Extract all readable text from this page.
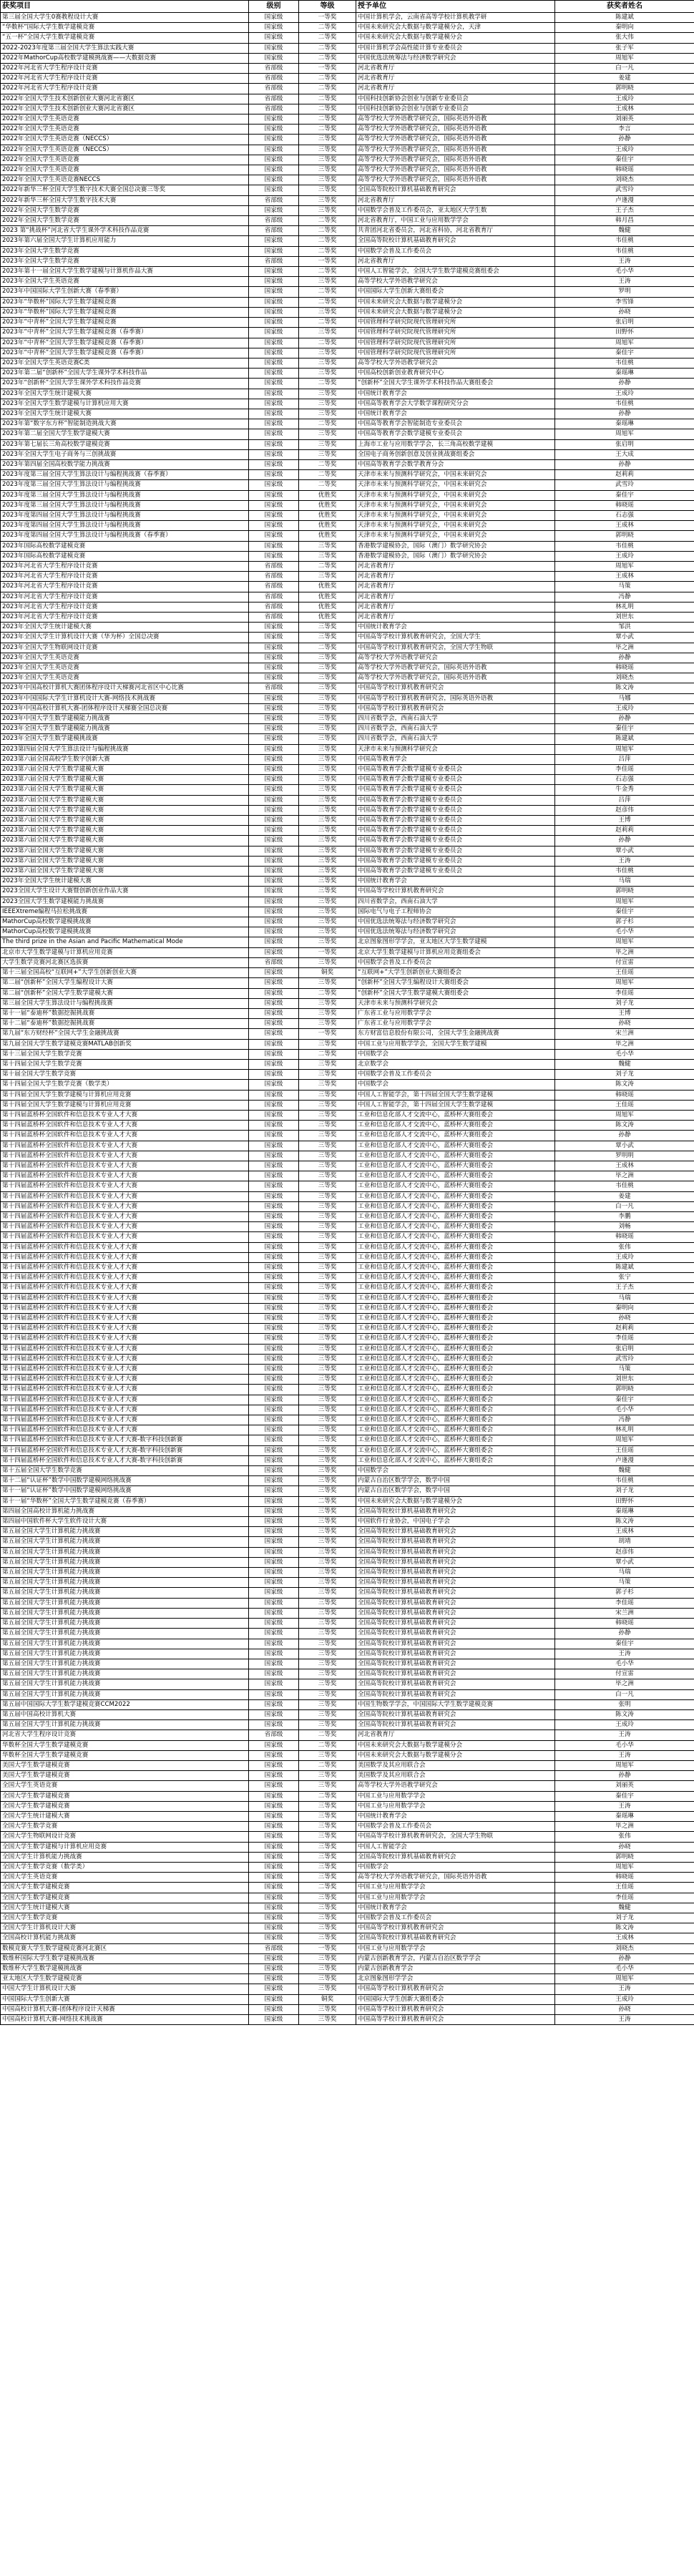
获奖项目	级别	等级	授予单位	获奖者姓名
第三届全国大学生0赛教程设计大赛	国家级	一等奖	中国计算机学会，云南省高等学校计算机教学研	陈建斌
“华数杯”国际大学生数学建模竞赛	国家级	二等奖	中国未来研究会大数据与数学建模分会，天津	秦明向
“五一杯”全国大学生数学建模竞赛	国家级	二等奖	中国未来研究会大数据与数学建模分会	张大伟
2022-2023年度第三届全国大学生算法实践大赛	国家级	二等奖	中国计算机学会高性能计算专业委员会	张子军
2022年MathorCup高校数学建模挑战赛——大数据竞赛	国家级	二等奖	中国优选法统筹法与经济数学研究会	周旭军
2022年河北省大学生程序设计竞赛	省部级	一等奖	河北省教育厅	白一凡
2022年河北省大学生程序设计竞赛	省部级	二等奖	河北省教育厅	姜建
2022年河北省大学生程序设计竞赛	省部级	二等奖	河北省教育厅	郭明晓
2022年全国大学生技术创新创业大赛河北省赛区	省部级	二等奖	中国科技创新协会创业与创新专业委员会	王成玲
2022年全国大学生技术创新创业大赛河北省赛区	省部级	二等奖	中国科技创新协会创业与创新专业委员会	王成林
2022年全国大学生英语竞赛	国家级	二等奖	高等学校大学外语教学研究会，国际英语外语教	刘丽英
2022年全国大学生英语竞赛	国家级	二等奖	高等学校大学外语教学研究会，国际英语外语教	李言
2022年全国大学生英语竞赛（NECCS）	国家级	三等奖	高等学校大学外语教学研究会，国际英语外语教	孙静
2022年全国大学生英语竞赛（NECCS）	国家级	三等奖	高等学校大学外语教学研究会，国际英语外语教	王成玲
2022年全国大学生英语竞赛	国家级	三等奖	高等学校大学外语教学研究会，国际英语外语教	秦佳宇
2022年全国大学生英语竞赛	国家级	三等奖	高等学校大学外语教学研究会，国际英语外语教	韩晓瑶
2022年全国大学生英语竞赛NECCS	国家级	三等奖	高等学校大学外语教学研究会，国际英语外语教	刘晓杰
2022年新华三杯全国大学生数字技术大赛全国总决赛三等奖	国家级	三等奖	全国高等院校计算机基础教育研究会	武雪玲
2022年新华三杯全国大学生数字技术大赛	省部级	三等奖	河北省教育厅	卢逢漫
2022年全国大学生数学竞赛	国家级	三等奖	中国数学会普及工作委员会，亚太地区大学生数	王子杰
2022年全国大学生数学竞赛	省部级	二等奖	河北省教育厅，中国工业与应用数学学会	韩月昌
2023 第“挑战杯”河北省大学生课外学术科技作品竞赛	省部级	二等奖	共青团河北省委员会，河北省科协，河北省教育厅	魏健
2023年第六届全国大学生计算机应用能力	国家级	二等奖	全国高等院校计算机基础教育研究会	韦佳桃
2023年全国大学生数学竞赛	国家级	二等奖	中国数学会普及工作委员会	韦佳桃
2023年全国大学生数学竞赛	省部级	一等奖	河北省教育厅	王涛
2023年第十一届全国大学生数学建模与计算机作品大赛	国家级	二等奖	中国人工智能学会，全国大学生数学建模竞赛组委会	毛小华
2023年全国大学生英语竞赛	国家级	三等奖	高等学校大学外语教学研究会	王涛
2023年中国国际大学生创新大赛（春季赛）	国家级	二等奖	中国国际大学生创新大赛组委会	罗明
2023年“华数杯”国际大学生数学建模竞赛	国家级	二等奖	中国未来研究会大数据与数学建模分会	李雪锋
2023年“华数杯”国际大学生数学建模竞赛	国家级	三等奖	中国未来研究会大数据与数学建模分会	孙晓
2023年“中青杯”全国大学生数学建模竞赛	国家级	二等奖	中国管理科学研究院现代管理研究所	张启明
2023年“中青杯”全国大学生数学建模竞赛（春季赛）	国家级	三等奖	中国管理科学研究院现代管理研究所	田野怀
2023年“中青杯”全国大学生数学建模竞赛（春季赛）	国家级	二等奖	中国管理科学研究院现代管理研究所	周旭军
2023年“中青杯”全国大学生数学建模竞赛（春季赛）	国家级	三等奖	中国管理科学研究院现代管理研究所	秦佳宇
2023年全国大学生英语竞赛C类	国家级	三等奖	高等学校大学外语教学研究会	韦佳桃
2023年第二届“创新杯”全国大学生课外学术科技作品	国家级	三等奖	中国高校创新创业教育研究中心	秦瑶琳
2023年“创新杯”全国大学生课外学术科技作品竞赛	国家级	二等奖	“创新杯”全国大学生课外学术科技作品大赛组委会	孙静
2023年全国大学生统计建模大赛	国家级	三等奖	中国统计教育学会	王成玲
2023年全国大学生数学建模与计算机应用大赛	国家级	三等奖	中国高等教育学会大学数学课程研究分会	韦佳桃
2023年全国大学生统计建模大赛	国家级	三等奖	中国统计教育学会	孙静
2023年第“数字东方杯”智能制造挑战大赛	国家级	二等奖	中国高等教育学会智能制造专业委员会	秦瑶琳
2023年第二届全国大学生数学建模大赛	国家级	三等奖	中国高等教育学会数学建模专业委员会	周旭军
2023年第七届长三角高校数学建模竞赛	国家级	三等奖	上海市工业与应用数学学会，长三角高校数学建模	张启明
2023年全国大学生电子商务与三创挑战赛	国家级	三等奖	全国电子商务创新创意及创业挑战赛组委会	王大成
2023年第四届全国高校数学能力挑战赛	国家级	二等奖	中国高等教育学会数学教育分会	孙静
2023年度第三届全国大学生算法设计与编程挑战赛（春季赛）	国家级	二等奖	天津市未来与预测科学研究会，中国未来研究会	赵莉莉
2023年度第三届全国大学生算法设计与编程挑战赛	国家级	二等奖	天津市未来与预测科学研究会，中国未来研究会	武雪玲
2023年度第三届全国大学生算法设计与编程挑战赛	国家级	优胜奖	天津市未来与预测科学研究会，中国未来研究会	秦佳宇
2023年度第三届全国大学生算法设计与编程挑战赛	国家级	优胜奖	天津市未来与预测科学研究会，中国未来研究会	韩晓瑶
2023年度第四届全国大学生算法设计与编程挑战赛	国家级	优胜奖	天津市未来与预测科学研究会，中国未来研究会	石志强
2023年度第四届全国大学生算法设计与编程挑战赛	国家级	优胜奖	天津市未来与预测科学研究会，中国未来研究会	王成林
2023年度第四届全国大学生算法设计与编程挑战赛（春季赛）	国家级	优胜奖	天津市未来与预测科学研究会，中国未来研究会	郭明晓
2023年国际高校数学建模竞赛	国家级	三等奖	香港数学建模协会，国际（澳门）数学研究协会	韦佳桃
2023年国际高校数学建模竞赛	国家级	三等奖	香港数学建模协会，国际（澳门）数学研究协会	王成玲
2023年河北省大学生程序设计竞赛	省部级	二等奖	河北省教育厅	周旭军
2023年河北省大学生程序设计竞赛	省部级	三等奖	河北省教育厅	王成林
2023年河北省大学生程序设计竞赛	省部级	优胜奖	河北省教育厅	马策
2023年河北省大学生程序设计竞赛	省部级	优胜奖	河北省教育厅	冯静
2023年河北省大学生程序设计竞赛	省部级	优胜奖	河北省教育厅	林礼明
2023年河北省大学生程序设计竞赛	省部级	优胜奖	河北省教育厅	刘世东
2023年全国大学生统计建模大赛	国家级	三等奖	中国统计教育学会	邹洪
2023年全国大学生计算机设计大赛（华为杯）全国总决赛	国家级	三等奖	中国高等学校计算机教育研究会，全国大学生	覃小武
2023年全国大学生物联网设计竞赛	国家级	二等奖	中国高等学校计算机教育研究会，全国大学生物联	毕之洲
2023年全国大学生英语竞赛	国家级	三等奖	高等学校大学外语教学研究会	孙静
2023年全国大学生英语竞赛	国家级	三等奖	高等学校大学外语教学研究会，国际英语外语教	韩晓瑶
2023年全国大学生英语竞赛	国家级	三等奖	高等学校大学外语教学研究会，国际英语外语教	刘晓杰
2023年中国高校计算机大赛团体程序设计天梯赛河北省区中心比赛	省部级	三等奖	中国高等学校计算机教育研究会	陈文涛
2023年中国国际大学生计算机设计大赛-网络技术挑战赛	国家级	三等奖	中国高等学校计算机教育研究会，国际英语外语教	马娜
2023年中国高校计算机大赛-团体程序设计天梯赛全国总决赛	国家级	三等奖	中国高等学校计算机教育研究会	王成玲
2023年中国大学生数学建模能力挑战赛	国家级	三等奖	四川省数学会，西南石油大学	孙静
2023年全国大学生数学建模能力挑战赛	国家级	三等奖	四川省数学会，西南石油大学	秦佳宇
2023年全国大学生数学建模挑战赛	国家级	三等奖	四川省数学会，西南石油大学	陈建斌
2023第四届全国大学生算法设计与编程挑战赛	国家级	三等奖	天津市未来与预测科学研究会	周旭军
2023第六届全国高校学生数字创新大赛	国家级	三等奖	中国高等教育学会	吕萍
2023第六届全国大学生数学建模大赛	国家级	三等奖	中国高等教育学会数学建模专业委员会	李佳瑶
2023第六届全国大学生数学建模大赛	国家级	三等奖	中国高等教育学会数学建模专业委员会	石志强
2023第六届全国大学生数学建模大赛	国家级	三等奖	中国高等教育学会数学建模专业委员会	牛金秀
2023第六届全国大学生数学建模大赛	国家级	三等奖	中国高等教育学会数学建模专业委员会	吕萍
2023第六届全国大学生数学建模大赛	国家级	三等奖	中国高等教育学会数学建模专业委员会	赵彦伟
2023第六届全国大学生数学建模大赛	国家级	三等奖	中国高等教育学会数学建模专业委员会	王博
2023第六届全国大学生数学建模大赛	国家级	三等奖	中国高等教育学会数学建模专业委员会	赵莉莉
2023第六届全国大学生数学建模大赛	国家级	三等奖	中国高等教育学会数学建模专业委员会	孙静
2023第六届全国大学生数学建模大赛	国家级	三等奖	中国高等教育学会数学建模专业委员会	覃小武
2023第六届全国大学生数学建模大赛	国家级	三等奖	中国高等教育学会数学建模专业委员会	王涛
2023第六届全国大学生数学建模大赛	国家级	三等奖	中国高等教育学会数学建模专业委员会	韦佳桃
2023年全国大学生统计建模大赛	国家级	三等奖	中国统计教育学会	马瑞
2023全国大学生设计大赛暨创新创业作品大赛	国家级	三等奖	中国高等学校计算机教育研究会	郭明晓
2023全国大学生数学建模能力挑战赛	国家级	三等奖	四川省数学会，西南石油大学	周旭军
IEEEXtreme编程马拉松挑战赛	国家级	三等奖	国际电气与电子工程师协会	秦佳宇
MathorCup高校数学建模挑战赛	国家级	三等奖	中国优选法统筹法与经济数学研究会	郭子杉
MathorCup高校数学建模挑战赛	国家级	三等奖	中国优选法统筹法与经济数学研究会	毛小华
The third prize in the Asian and Pacific Mathematical Mode	国家级	三等奖	北京图象图形学学会，亚太地区大学生数学建模	周旭军
北京市大学生数学建模与计算机应用竞赛	国家级	一等奖	北京大学生数学建模与计算机应用竞赛组委会	毕之洲
大学生数学竞赛河北赛区选拔赛	省部级	三等奖	中国数学会普及工作委员会	付宣雷
第十三届全国高校“互联网+”大学生创新创业大赛	国家级	铜奖	“互联网+”大学生创新创业大赛组委会	王佳瑶
第二届“创新杯”全国大学生编程设计大赛	国家级	三等奖	“创新杯”全国大学生编程设计大赛组委会	周旭军
第二届“创新杯”全国大学生数学建模大赛	国家级	二等奖	“创新杯”全国大学生数学建模大赛组委会	李佳瑶
第三届全国大学生算法设计与编程挑战赛	国家级	三等奖	天津市未来与预测科学研究会	刘子龙
第十一届“泰迪杯”数据挖掘挑战赛	国家级	三等奖	广东省工业与应用数学学会	王博
第十二届“泰迪杯”数据挖掘挑战赛	国家级	三等奖	广东省工业与应用数学学会	孙晓
第九届“东方财经杯”全国大学生金融挑战赛	国家级	一等奖	东方财富信息股份有限公司，全国大学生金融挑战赛	宋兰洲
第九届全国大学生数学建模竞赛MATLAB创新奖	国家级	三等奖	中国工业与应用数学学会，全国大学生数学建模	毕之洲
第十三届全国大学生数学竞赛	国家级	二等奖	中国数学会	毛小华
第十四届全国大学生数学竞赛	国家级	三等奖	北京数学会	魏健
第十届全国大学生数学竞赛	国家级	三等奖	中国数学会普及工作委员会	刘子龙
第十四届全国大学生数学竞赛（数学类）	国家级	三等奖	中国数学会	陈文涛
第十四届全国大学生数学建模与计算机应用竞赛	国家级	三等奖	中国人工智能学会，第十四届全国大学生数学建模	韩晓瑶
第十四届全国大学生数学建模与计算机应用竞赛	国家级	三等奖	中国人工智能学会，第十四届全国大学生数学建模	王佳瑶
第十四届蓝桥杯全国软件和信息技术专业人才大赛	国家级	三等奖	工业和信息化部人才交流中心，蓝桥杯大赛组委会	周旭军
第十四届蓝桥杯全国软件和信息技术专业人才大赛	国家级	三等奖	工业和信息化部人才交流中心，蓝桥杯大赛组委会	陈文涛
第十四届蓝桥杯全国软件和信息技术专业人才大赛	国家级	三等奖	工业和信息化部人才交流中心，蓝桥杯大赛组委会	孙静
第十四届蓝桥杯全国软件和信息技术专业人才大赛	国家级	三等奖	工业和信息化部人才交流中心，蓝桥杯大赛组委会	覃小武
第十四届蓝桥杯全国软件和信息技术专业人才大赛	国家级	三等奖	工业和信息化部人才交流中心，蓝桥杯大赛组委会	罗明明
第十四届蓝桥杯全国软件和信息技术专业人才大赛	国家级	三等奖	工业和信息化部人才交流中心，蓝桥杯大赛组委会	王成林
第十四届蓝桥杯全国软件和信息技术专业人才大赛	国家级	三等奖	工业和信息化部人才交流中心，蓝桥杯大赛组委会	毕之洲
第十四届蓝桥杯全国软件和信息技术专业人才大赛	国家级	三等奖	工业和信息化部人才交流中心，蓝桥杯大赛组委会	韦佳桃
第十四届蓝桥杯全国软件和信息技术专业人才大赛	国家级	三等奖	工业和信息化部人才交流中心，蓝桥杯大赛组委会	姜建
第十四届蓝桥杯全国软件和信息技术专业人才大赛	国家级	三等奖	工业和信息化部人才交流中心，蓝桥杯大赛组委会	白一凡
第十四届蓝桥杯全国软件和信息技术专业人才大赛	国家级	三等奖	工业和信息化部人才交流中心，蓝桥杯大赛组委会	李鹏
第十四届蓝桥杯全国软件和信息技术专业人才大赛	国家级	三等奖	工业和信息化部人才交流中心，蓝桥杯大赛组委会	刘畅
第十四届蓝桥杯全国软件和信息技术专业人才大赛	国家级	三等奖	工业和信息化部人才交流中心，蓝桥杯大赛组委会	韩晓瑶
第十四届蓝桥杯全国软件和信息技术专业人才大赛	国家级	三等奖	工业和信息化部人才交流中心，蓝桥杯大赛组委会	张伟
第十四届蓝桥杯全国软件和信息技术专业人才大赛	国家级	三等奖	工业和信息化部人才交流中心，蓝桥杯大赛组委会	王成玲
第十四届蓝桥杯全国软件和信息技术专业人才大赛	国家级	三等奖	工业和信息化部人才交流中心，蓝桥杯大赛组委会	陈建斌
第十四届蓝桥杯全国软件和信息技术专业人才大赛	国家级	三等奖	工业和信息化部人才交流中心，蓝桥杯大赛组委会	张宁
第十四届蓝桥杯全国软件和信息技术专业人才大赛	国家级	三等奖	工业和信息化部人才交流中心，蓝桥杯大赛组委会	王子杰
第十四届蓝桥杯全国软件和信息技术专业人才大赛	国家级	三等奖	工业和信息化部人才交流中心，蓝桥杯大赛组委会	马瑞
第十四届蓝桥杯全国软件和信息技术专业人才大赛	国家级	三等奖	工业和信息化部人才交流中心，蓝桥杯大赛组委会	秦明向
第十四届蓝桥杯全国软件和信息技术专业人才大赛	国家级	三等奖	工业和信息化部人才交流中心，蓝桥杯大赛组委会	孙晓
第十四届蓝桥杯全国软件和信息技术专业人才大赛	国家级	三等奖	工业和信息化部人才交流中心，蓝桥杯大赛组委会	赵莉莉
第十四届蓝桥杯全国软件和信息技术专业人才大赛	国家级	三等奖	工业和信息化部人才交流中心，蓝桥杯大赛组委会	李佳瑶
第十四届蓝桥杯全国软件和信息技术专业人才大赛	国家级	三等奖	工业和信息化部人才交流中心，蓝桥杯大赛组委会	张启明
第十四届蓝桥杯全国软件和信息技术专业人才大赛	国家级	三等奖	工业和信息化部人才交流中心，蓝桥杯大赛组委会	武雪玲
第十四届蓝桥杯全国软件和信息技术专业人才大赛	国家级	三等奖	工业和信息化部人才交流中心，蓝桥杯大赛组委会	马策
第十四届蓝桥杯全国软件和信息技术专业人才大赛	国家级	三等奖	工业和信息化部人才交流中心，蓝桥杯大赛组委会	刘世东
第十四届蓝桥杯全国软件和信息技术专业人才大赛	国家级	三等奖	工业和信息化部人才交流中心，蓝桥杯大赛组委会	郭明晓
第十四届蓝桥杯全国软件和信息技术专业人才大赛	国家级	三等奖	工业和信息化部人才交流中心，蓝桥杯大赛组委会	秦佳宇
第十四届蓝桥杯全国软件和信息技术专业人才大赛	国家级	三等奖	工业和信息化部人才交流中心，蓝桥杯大赛组委会	毛小华
第十四届蓝桥杯全国软件和信息技术专业人才大赛	国家级	三等奖	工业和信息化部人才交流中心，蓝桥杯大赛组委会	冯静
第十四届蓝桥杯全国软件和信息技术专业人才大赛	国家级	三等奖	工业和信息化部人才交流中心，蓝桥杯大赛组委会	林礼明
第十四届蓝桥杯全国软件和信息技术专业人才大赛-数字科技创新赛	国家级	三等奖	工业和信息化部人才交流中心，蓝桥杯大赛组委会	周旭军
第十四届蓝桥杯全国软件和信息技术专业人才大赛-数字科技创新赛	国家级	三等奖	工业和信息化部人才交流中心，蓝桥杯大赛组委会	王佳瑶
第十四届蓝桥杯全国软件和信息技术专业人才大赛-数字科技创新赛	国家级	三等奖	工业和信息化部人才交流中心，蓝桥杯大赛组委会	卢逢漫
第十五届全国大学生数学竞赛	国家级	三等奖	中国数学会	魏健
第十二届“认证杯”数学中国数学建模网络挑战赛	国家级	三等奖	内蒙古自治区数学学会，数学中国	韦佳桃
第十一届“认证杯”数学中国数学建模网络挑战赛	国家级	三等奖	内蒙古自治区数学学会，数学中国	刘子龙
第十一届“华数杯”全国大学生数学建模竞赛（春季赛）	国家级	二等奖	中国未来研究会大数据与数学建模分会	田野怀
第四届全国高校计算机能力挑战赛	国家级	三等奖	全国高等院校计算机基础教育研究会	秦瑶琳
第四届中国软件杯大学生软件设计大赛	国家级	三等奖	中国软件行业协会，中国电子学会	陈文涛
第五届全国大学生计算机能力挑战赛	国家级	三等奖	全国高等院校计算机基础教育研究会	王成林
第五届全国大学生计算机能力挑战赛	国家级	三等奖	全国高等院校计算机基础教育研究会	胡靖
第五届全国大学生计算机能力挑战赛	国家级	三等奖	全国高等院校计算机基础教育研究会	赵彦伟
第五届全国大学生计算机能力挑战赛	国家级	三等奖	全国高等院校计算机基础教育研究会	覃小武
第五届全国大学生计算机能力挑战赛	国家级	三等奖	全国高等院校计算机基础教育研究会	马瑞
第五届全国大学生计算机能力挑战赛	国家级	三等奖	全国高等院校计算机基础教育研究会	马策
第五届全国大学生计算机能力挑战赛	国家级	三等奖	全国高等院校计算机基础教育研究会	郭子杉
第五届全国大学生计算机能力挑战赛	国家级	三等奖	全国高等院校计算机基础教育研究会	李佳瑶
第五届全国大学生计算机能力挑战赛	国家级	三等奖	全国高等院校计算机基础教育研究会	宋兰洲
第五届全国大学生计算机能力挑战赛	国家级	三等奖	全国高等院校计算机基础教育研究会	韩晓瑶
第五届全国大学生计算机能力挑战赛	国家级	三等奖	全国高等院校计算机基础教育研究会	孙静
第五届全国大学生计算机能力挑战赛	国家级	三等奖	全国高等院校计算机基础教育研究会	秦佳宇
第五届全国大学生计算机能力挑战赛	国家级	三等奖	全国高等院校计算机基础教育研究会	王涛
第五届全国大学生计算机能力挑战赛	国家级	三等奖	全国高等院校计算机基础教育研究会	毛小华
第五届全国大学生计算机能力挑战赛	国家级	三等奖	全国高等院校计算机基础教育研究会	付宣雷
第五届全国大学生计算机能力挑战赛	国家级	三等奖	全国高等院校计算机基础教育研究会	毕之洲
第五届全国大学生计算机能力挑战赛	国家级	三等奖	全国高等院校计算机基础教育研究会	白一凡
第五届中国国际大学生数学建模竞赛CCM2022	国家级	三等奖	中国生物数学学会，中国国际大学生数学建模竞赛	张明
第五届中国高校计算机大赛	国家级	三等奖	全国高等院校计算机基础教育研究会	陈文涛
第五届全国大学生计算机能力挑战赛	国家级	三等奖	全国高等院校计算机基础教育研究会	王成玲
河北省大学生程序设计竞赛	省部级	二等奖	河北省教育厅	王涛
华数杯全国大学生数学建模竞赛	国家级	二等奖	中国未来研究会大数据与数学建模分会	毛小华
华数杯全国大学生数学建模竞赛	国家级	三等奖	中国未来研究会大数据与数学建模分会	王涛
美国大学生数学建模竞赛	国家级	二等奖	美国数学及其应用联合会	周旭军
美国大学生数学建模竞赛	国家级	三等奖	美国数学及其应用联合会	孙静
全国大学生英语竞赛	国家级	三等奖	高等学校大学外语教学研究会	刘丽英
全国大学生数学建模竞赛	国家级	二等奖	中国工业与应用数学学会	秦佳宇
全国大学生数学建模竞赛	国家级	三等奖	中国工业与应用数学学会	王涛
全国大学生统计建模大赛	国家级	三等奖	中国统计教育学会	秦瑶琳
全国大学生数学竞赛	国家级	三等奖	中国数学会普及工作委员会	毕之洲
全国大学生物联网设计竞赛	国家级	三等奖	中国高等学校计算机教育研究会，全国大学生物联	张伟
全国大学生数学建模与计算机应用竞赛	国家级	三等奖	中国人工智能学会	孙晓
全国大学生计算机能力挑战赛	国家级	三等奖	全国高等院校计算机基础教育研究会	郭明晓
全国大学生数学竞赛（数学类）	国家级	三等奖	中国数学会	周旭军
全国大学生英语竞赛	国家级	三等奖	高等学校大学外语教学研究会，国际英语外语教	韩晓瑶
全国大学生数学建模竞赛	国家级	二等奖	中国工业与应用数学学会	王佳瑶
全国大学生数学建模竞赛	国家级	三等奖	中国工业与应用数学学会	李佳瑶
全国大学生统计建模大赛	国家级	三等奖	中国统计教育学会	魏健
全国大学生数学竞赛	国家级	三等奖	中国数学会普及工作委员会	刘子龙
全国大学生计算机设计大赛	国家级	三等奖	中国高等学校计算机教育研究会	陈文涛
全国高校计算机能力挑战赛	国家级	三等奖	全国高等院校计算机基础教育研究会	王成林
数模竞赛大学生数学建模竞赛河北赛区	省部级	一等奖	中国工业与应用数学学会	刘晓杰
数维杯国际大学生数学建模挑战赛	国家级	三等奖	内蒙古创新教育学会，内蒙古自治区数学学会	孙静
数维杯大学生数学建模挑战赛	国家级	三等奖	内蒙古创新教育学会	毛小华
亚太地区大学生数学建模竞赛	国家级	三等奖	北京图象图形学学会	周旭军
中国大学生计算机设计大赛	国家级	三等奖	中国高等学校计算机教育研究会	王涛
中国国际大学生创新大赛	国家级	铜奖	中国国际大学生创新大赛组委会	王成玲
中国高校计算机大赛-团体程序设计天梯赛	国家级	三等奖	中国高等学校计算机教育研究会	孙晓
中国高校计算机大赛-网络技术挑战赛	国家级	三等奖	中国高等学校计算机教育研究会	王涛
